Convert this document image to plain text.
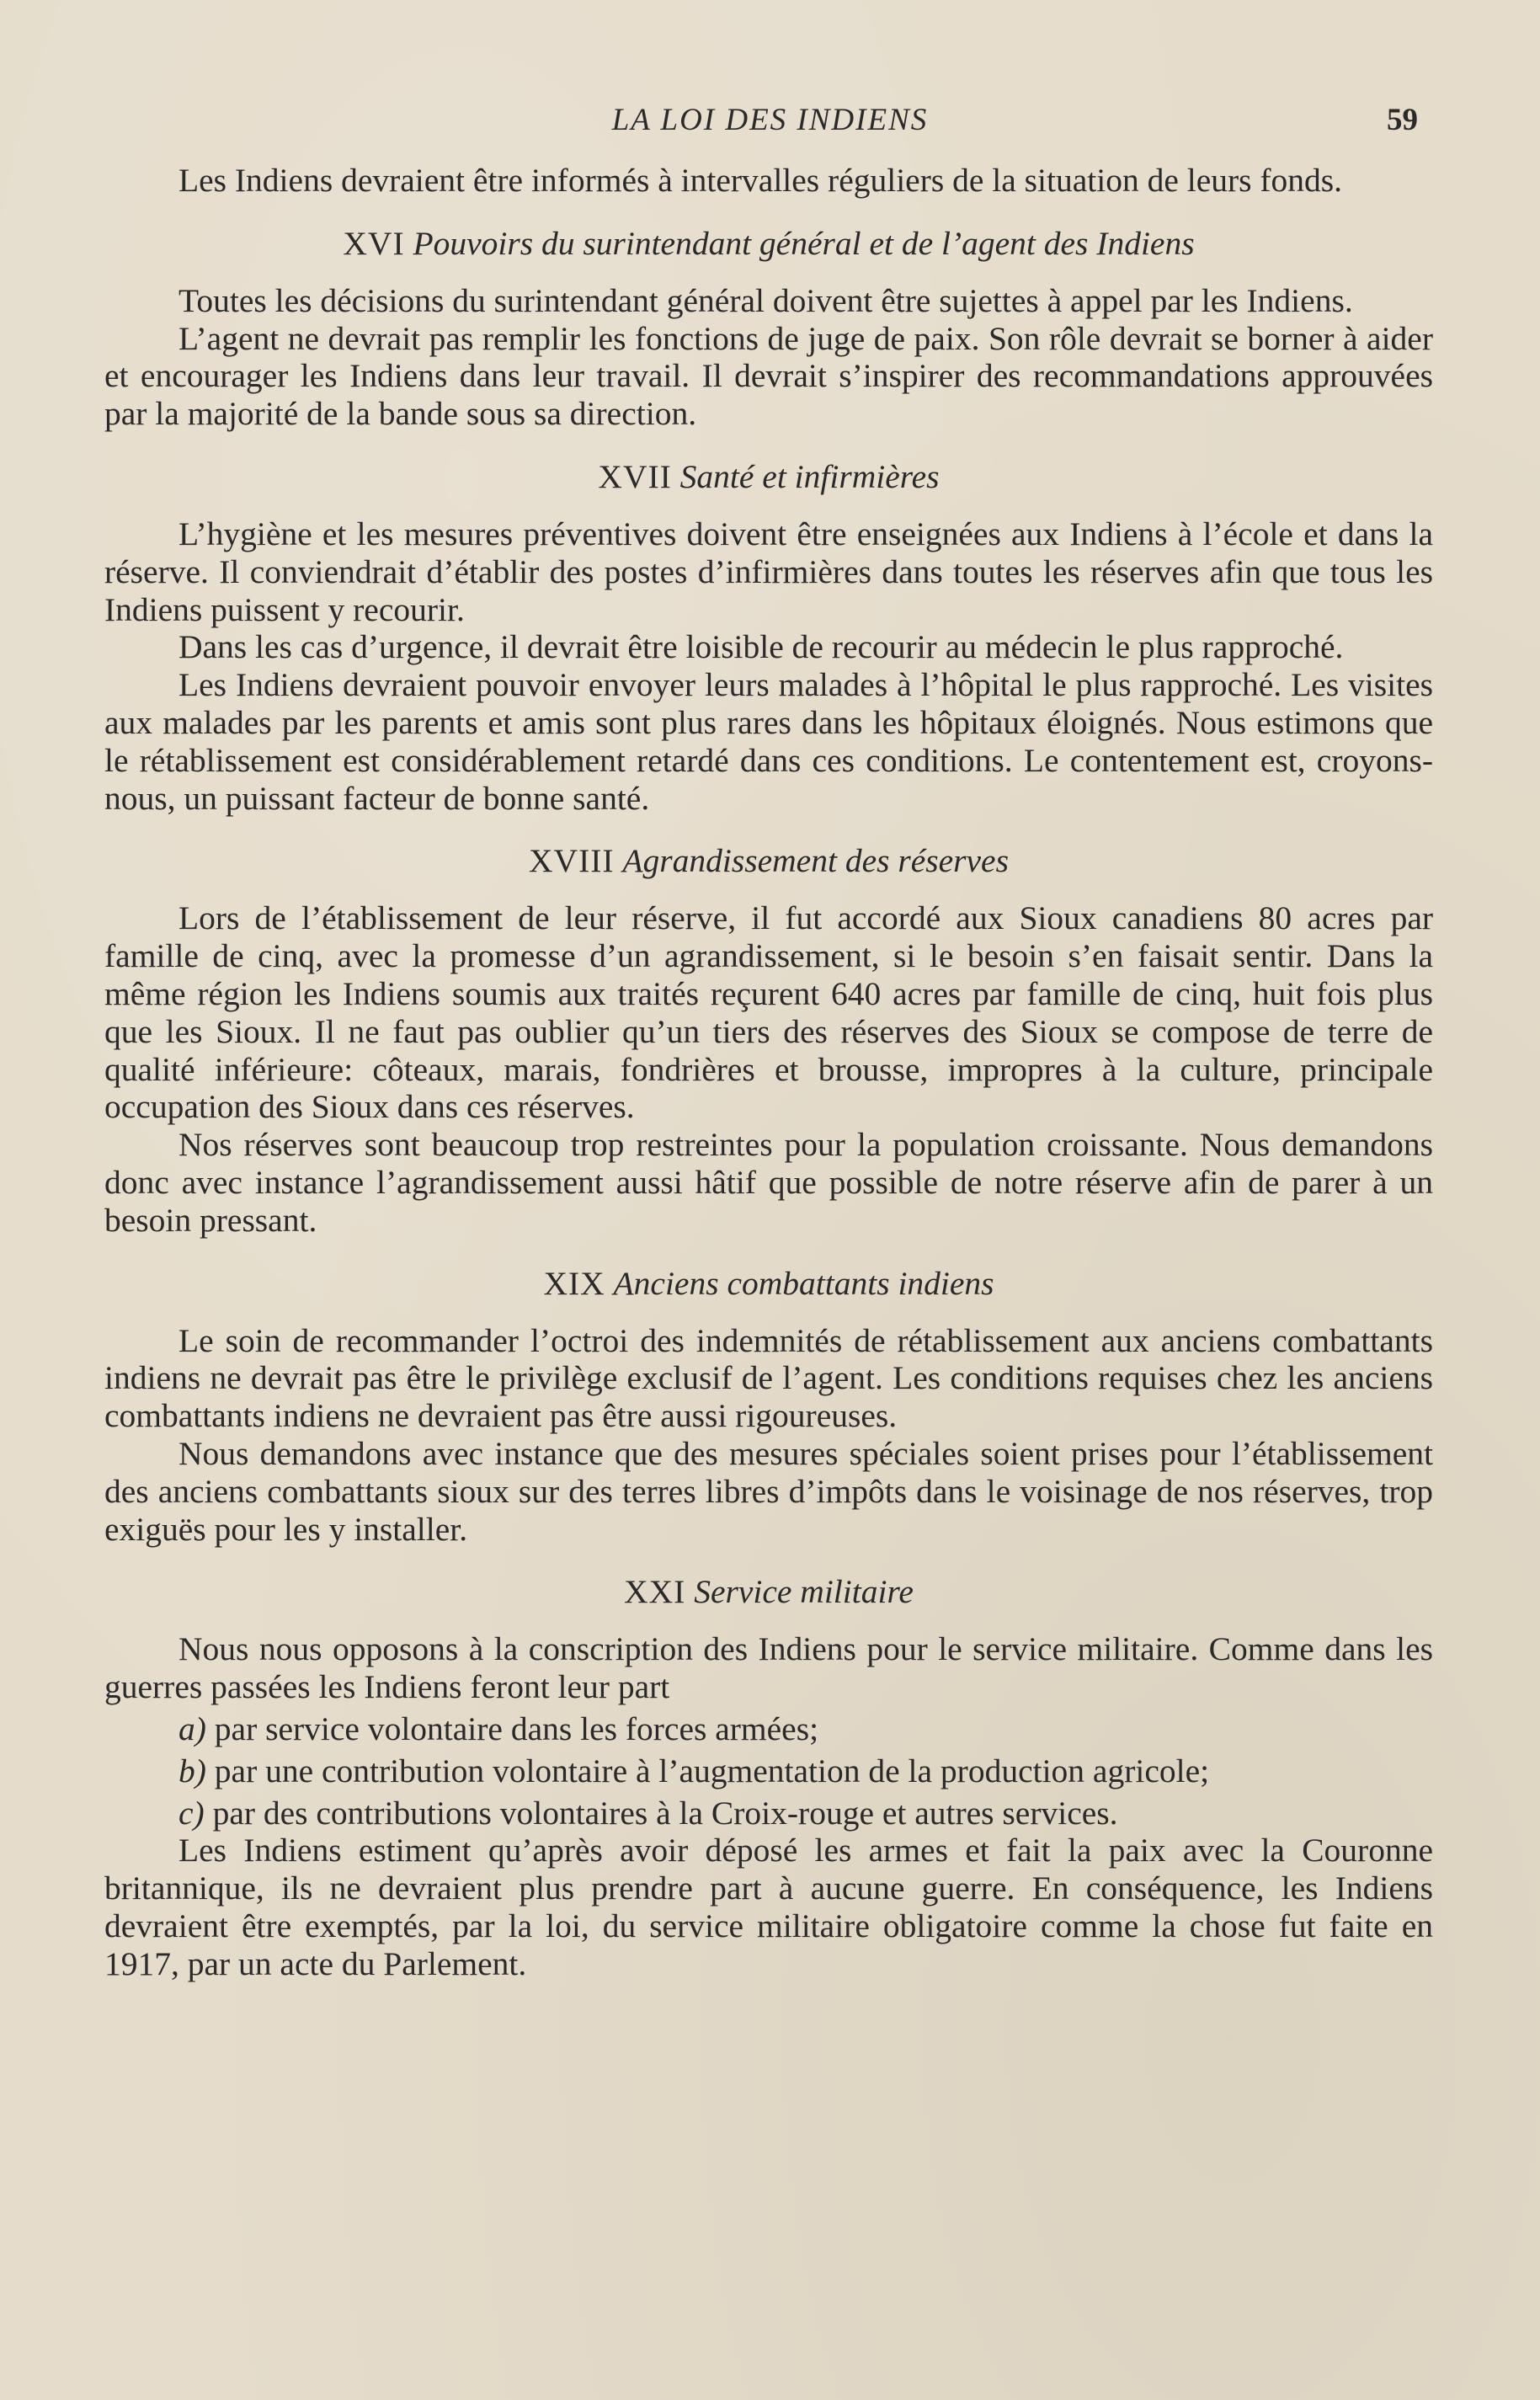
LA LOI DES INDIENS	59

Les Indiens devraient être informés à intervalles réguliers de la situation de leurs fonds.

XVI Pouvoirs du surintendant général et de l’agent des Indiens

Toutes les décisions du surintendant général doivent être sujettes à appel par les Indiens.

L’agent ne devrait pas remplir les fonctions de juge de paix. Son rôle devrait se borner à aider et encourager les Indiens dans leur travail. Il devrait s’inspirer des recommandations approuvées par la majorité de la bande sous sa direction.

XVII Santé et infirmières

L’hygiène et les mesures préventives doivent être enseignées aux Indiens à l’école et dans la réserve. Il conviendrait d’établir des postes d’infirmières dans toutes les réserves afin que tous les Indiens puissent y recourir.

Dans les cas d’urgence, il devrait être loisible de recourir au médecin le plus rapproché.

Les Indiens devraient pouvoir envoyer leurs malades à l’hôpital le plus rapproché. Les visites aux malades par les parents et amis sont plus rares dans les hôpitaux éloignés. Nous estimons que le rétablissement est considérablement retardé dans ces conditions. Le contentement est, croyons-nous, un puissant facteur de bonne santé.

XVIII Agrandissement des réserves

Lors de l’établissement de leur réserve, il fut accordé aux Sioux canadiens 80 acres par famille de cinq, avec la promesse d’un agrandissement, si le besoin s’en faisait sentir. Dans la même région les Indiens soumis aux traités reçurent 640 acres par famille de cinq, huit fois plus que les Sioux. Il ne faut pas oublier qu’un tiers des réserves des Sioux se compose de terre de qualité inférieure: côteaux, marais, fondrières et brousse, impropres à la culture, principale occupation des Sioux dans ces réserves.

Nos réserves sont beaucoup trop restreintes pour la population croissante. Nous demandons donc avec instance l’agrandissement aussi hâtif que possible de notre réserve afin de parer à un besoin pressant.

XIX Anciens combattants indiens

Le soin de recommander l’octroi des indemnités de rétablissement aux anciens combattants indiens ne devrait pas être le privilège exclusif de l’agent. Les conditions requises chez les anciens combattants indiens ne devraient pas être aussi rigoureuses.

Nous demandons avec instance que des mesures spéciales soient prises pour l’établissement des anciens combattants sioux sur des terres libres d’impôts dans le voisinage de nos réserves, trop exiguës pour les y installer.

XXI Service militaire

Nous nous opposons à la conscription des Indiens pour le service militaire. Comme dans les guerres passées les Indiens feront leur part

a) par service volontaire dans les forces armées;

b) par une contribution volontaire à l’augmentation de la production agricole;

c) par des contributions volontaires à la Croix-rouge et autres services.

Les Indiens estiment qu’après avoir déposé les armes et fait la paix avec la Couronne britannique, ils ne devraient plus prendre part à aucune guerre. En conséquence, les Indiens devraient être exemptés, par la loi, du service militaire obligatoire comme la chose fut faite en 1917, par un acte du Parlement.
